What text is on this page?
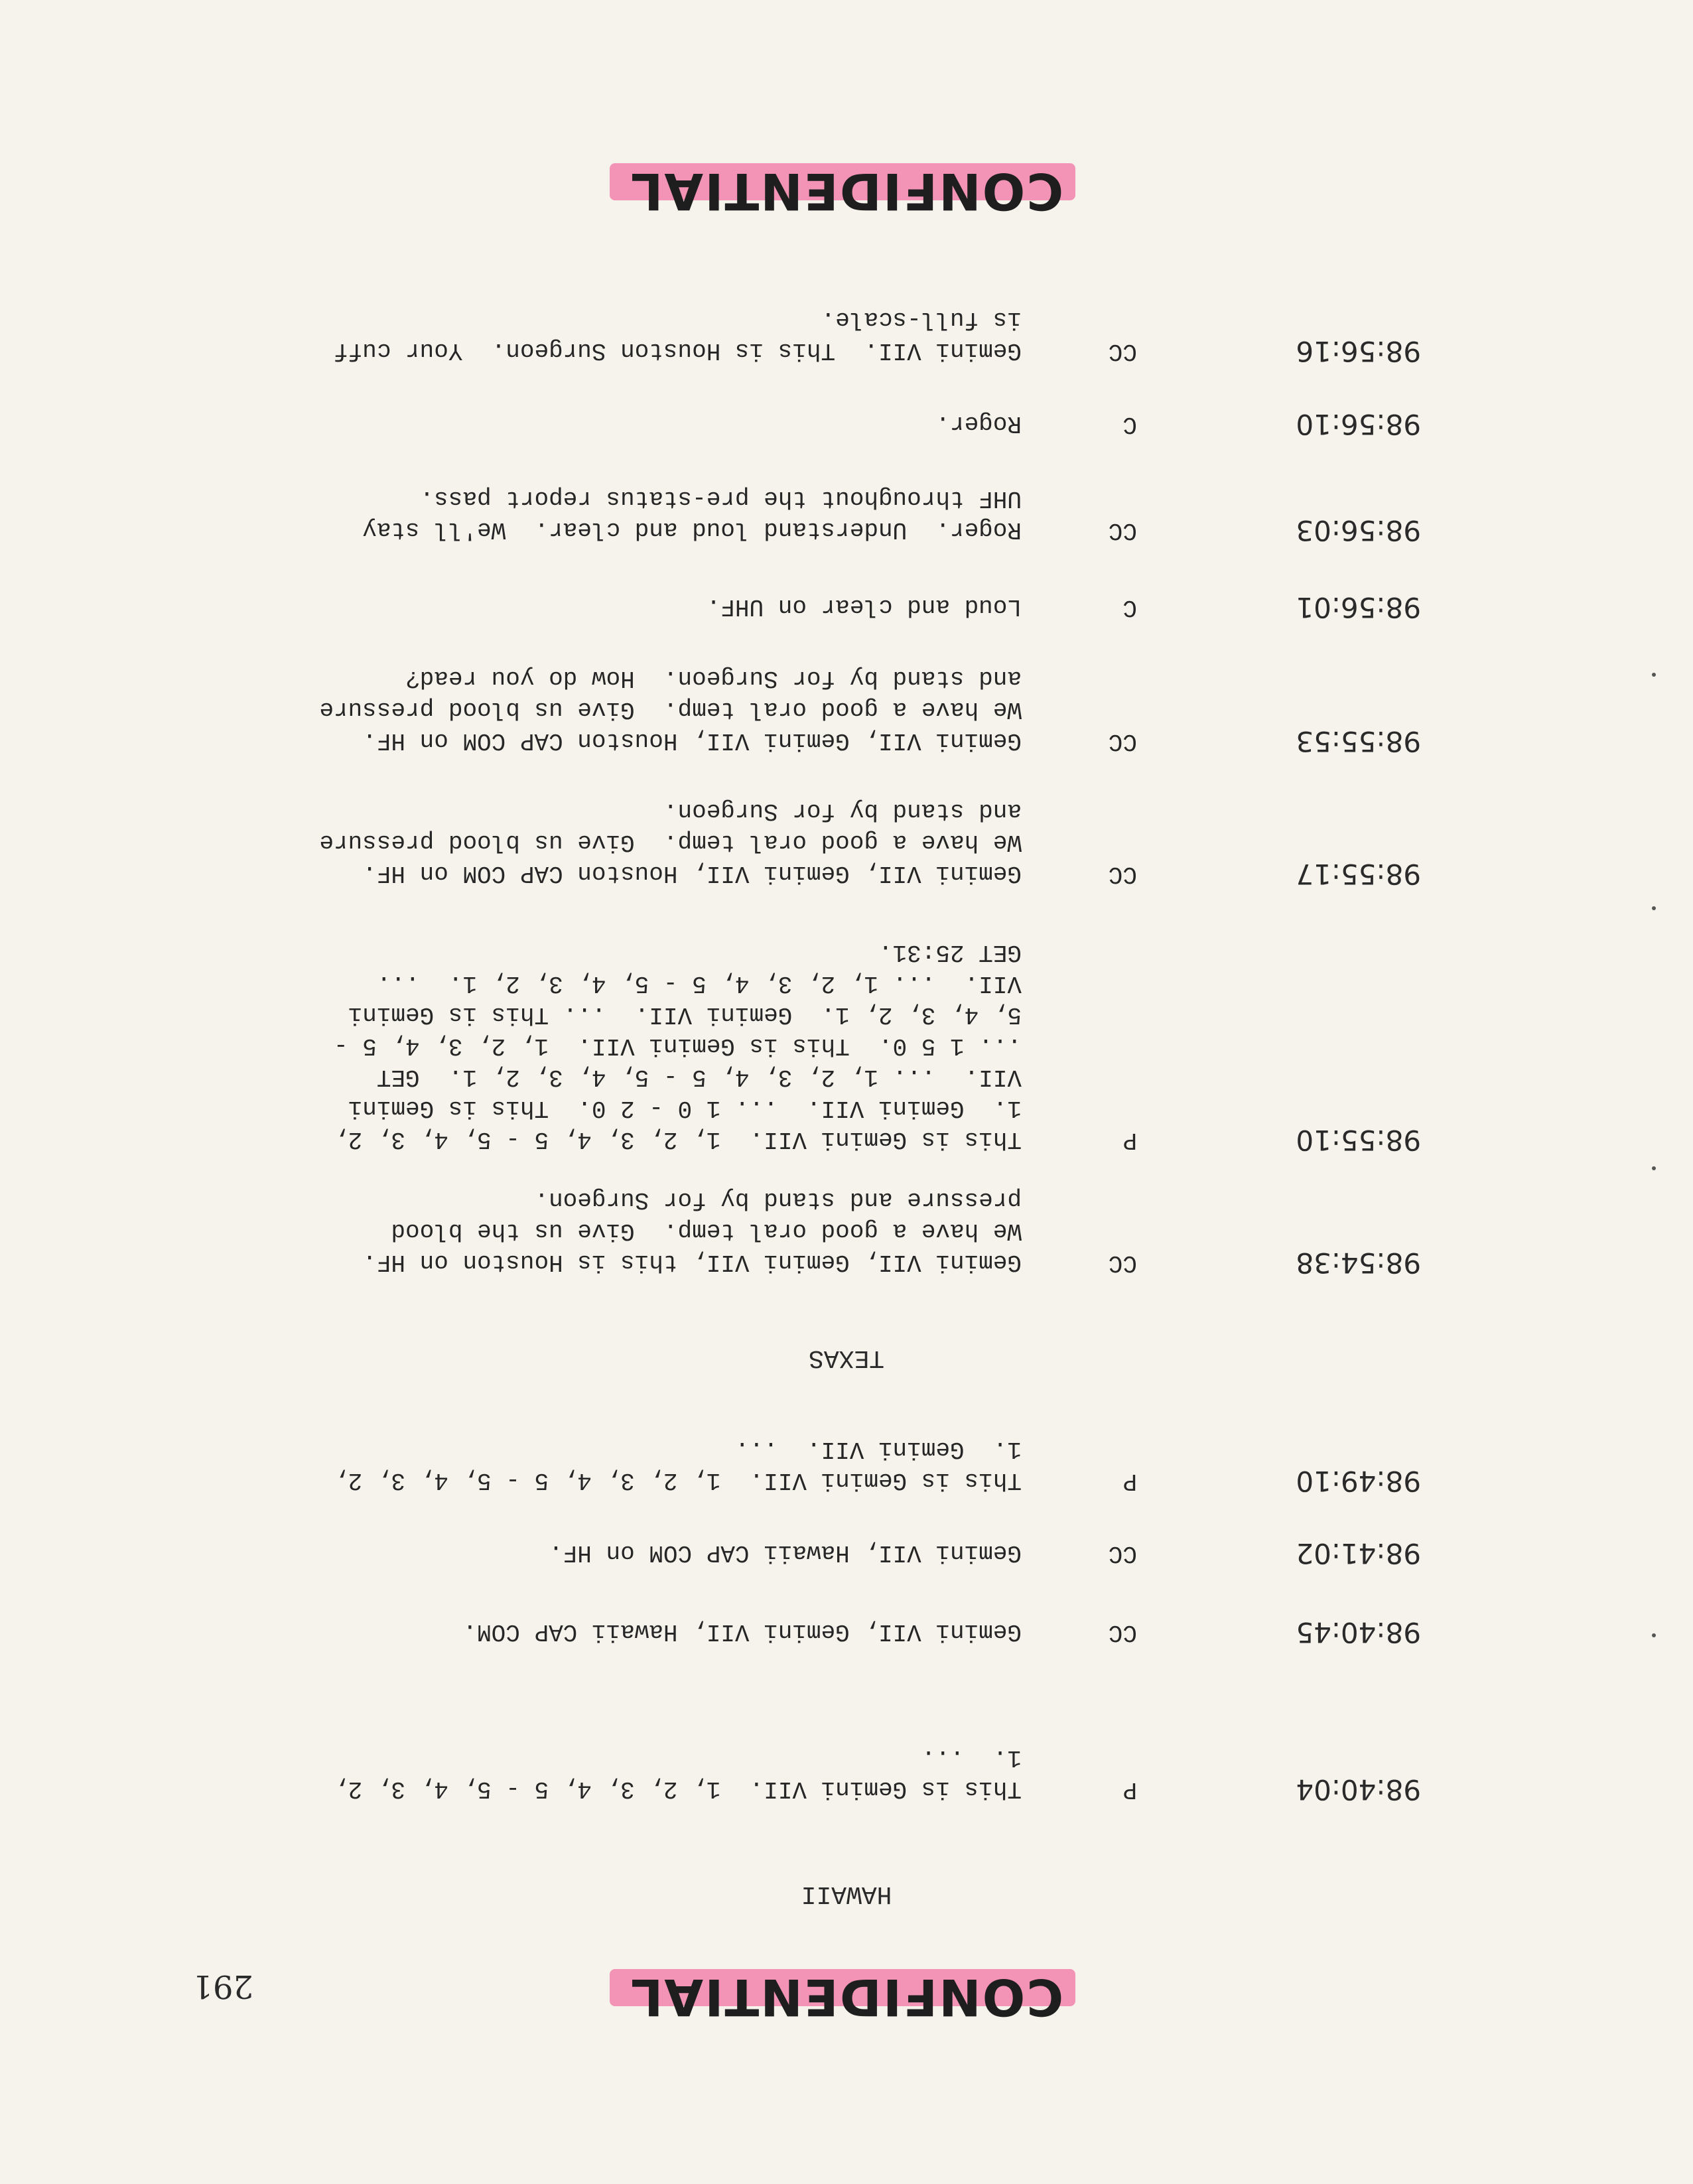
CONFIDENTIAL
291
HAWAII
98:40:04
P
This is Gemini VII.  1, 2, 3, 4, 5 - 5, 4, 3, 2,
1.  ...
98:40:45
CC
Gemini VII, Gemini VII, Hawaii CAP COM.
98:41:02
CC
Gemini VII, Hawaii CAP COM on HF.
98:49:10
P
This is Gemini VII.  1, 2, 3, 4, 5 - 5, 4, 3, 2,
1.  Gemini VII.  ...
TEXAS
98:54:38
CC
Gemini VII, Gemini VII, this is Houston on HF.
We have a good oral temp.  Give us the blood
pressure and stand by for Surgeon.
98:55:10
P
This is Gemini VII.  1, 2, 3, 4, 5 - 5, 4, 3, 2,
1.  Gemini VII.  ... 1 0 - 2 0.  This is Gemini
VII.  ... 1, 2, 3, 4, 5 - 5, 4, 3, 2, 1.  GET
... 1 5 0.  This is Gemini VII.  1, 2, 3, 4, 5 -
5, 4, 3, 2, 1.  Gemini VII.  ... This is Gemini
VII.  ... 1, 2, 3, 4, 5 - 5, 4, 3, 2, 1.  ...
GET 25:31.
98:55:17
CC
Gemini VII, Gemini VII, Houston CAP COM on HF.
We have a good oral temp.  Give us blood pressure
and stand by for Surgeon.
98:55:53
CC
Gemini VII, Gemini VII, Houston CAP COM on HF.
We have a good oral temp.  Give us blood pressure
and stand by for Surgeon.  How do you read?
98:56:01
C
Loud and clear on UHF.
98:56:03
CC
Roger.  Understand loud and clear.  We'll stay
UHF throughout the pre-status report pass.
98:56:10
C
Roger.
98:56:16
CC
Gemini VII.  This is Houston Surgeon.  Your cuff
is full-scale.
CONFIDENTIAL
